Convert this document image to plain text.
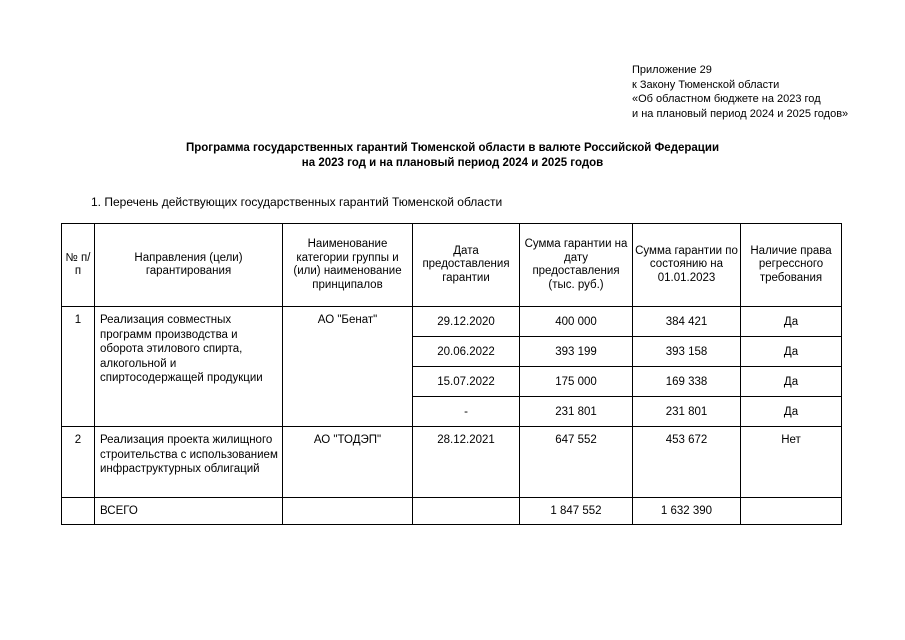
Приложение 29
к Закону Тюменской области
«Об областном бюджете на 2023 год
и на плановый период 2024 и 2025 годов»
Программа государственных гарантий Тюменской области в валюте Российской Федерации
на 2023 год и на плановый период 2024 и 2025 годов
1. Перечень действующих государственных гарантий Тюменской области
№ п/п	Направления (цели) гарантирования	Наименование категории группы и (или) наименование принципалов	Дата предоставления гарантии	Сумма гарантии на дату предоставления (тыс. руб.)	Сумма гарантии по состоянию на 01.01.2023	Наличие права регрессного требования
1	Реализация совместных программ производства и оборота этилового спирта, алкогольной и спиртосодержащей продукции	АО "Бенат"	29.12.2020	400 000	384 421	Да
			20.06.2022	393 199	393 158	Да
			15.07.2022	175 000	169 338	Да
			-	231 801	231 801	Да
2	Реализация проекта жилищного строительства с использованием инфраструктурных облигаций	АО "ТОДЭП"	28.12.2021	647 552	453 672	Нет
	ВСЕГО			1 847 552	1 632 390	
